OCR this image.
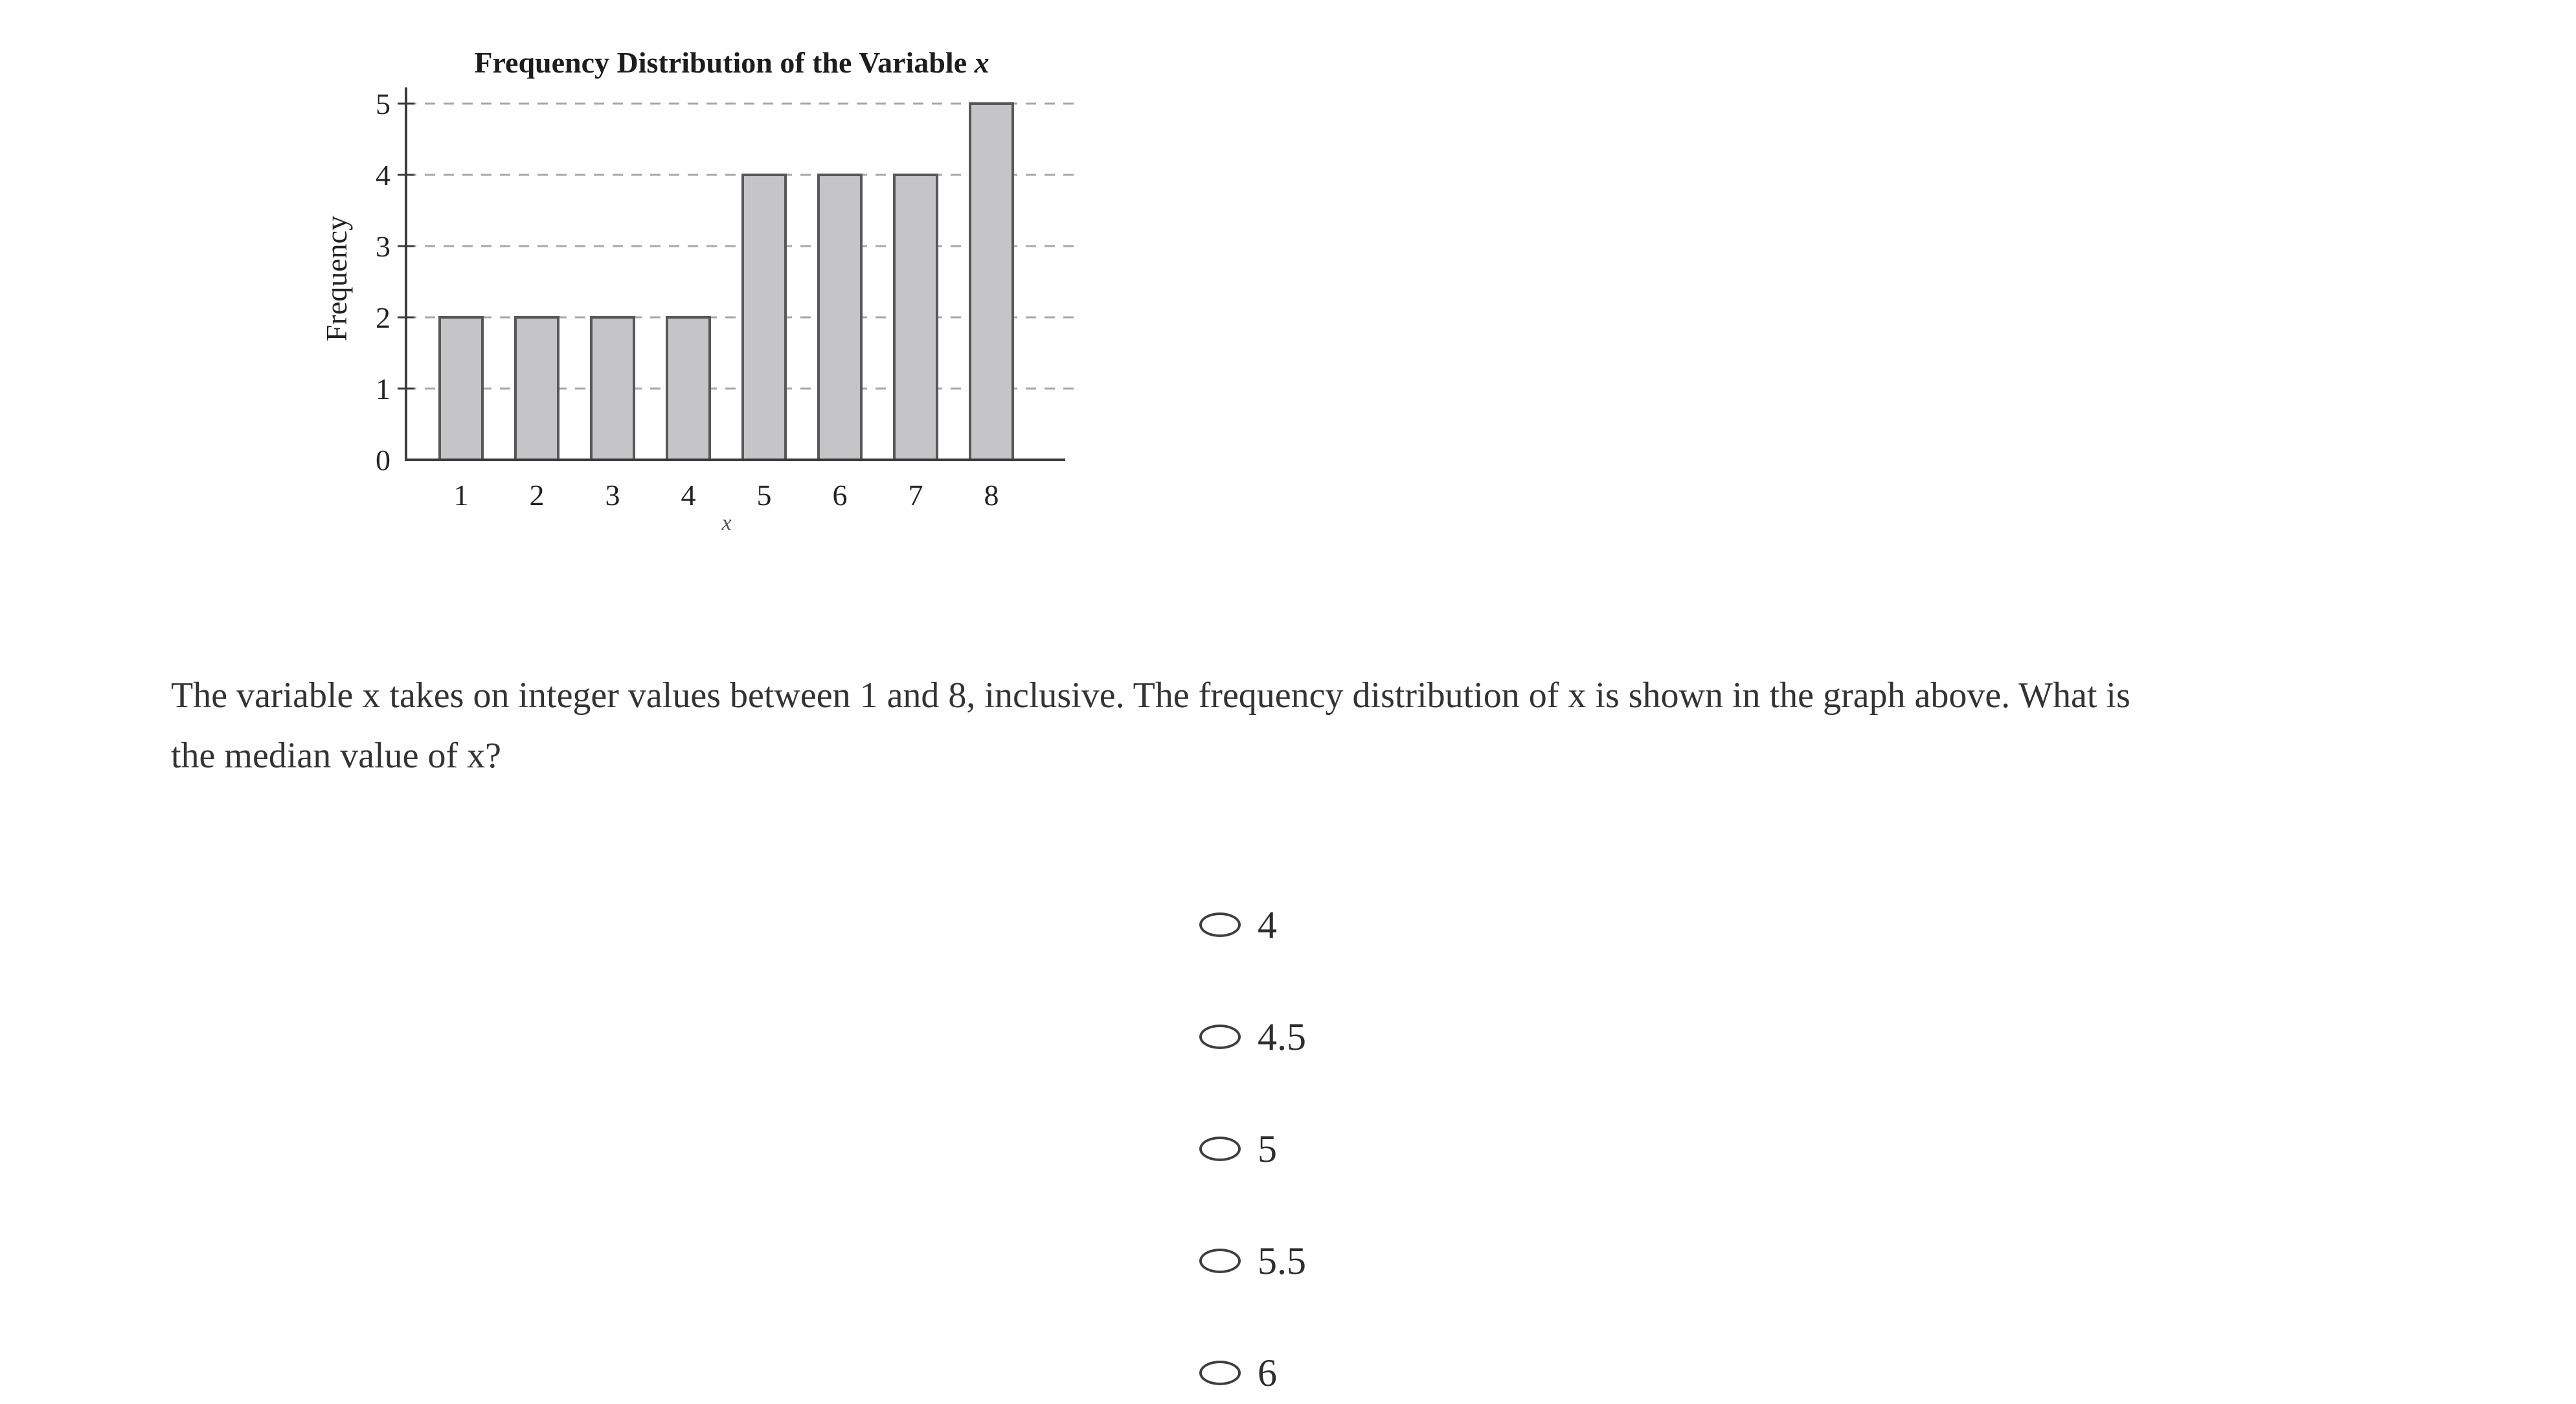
0
1
2
3
4
5
1 2 3 4 5 6 7 8
Frequency Distribution of the Variable x
Frequency
x
The variable x takes on integer values between 1 and 8, inclusive. The frequency distribution of x is shown in the graph above. What is
the median value of x?
4
4.5
5
5.5
6
